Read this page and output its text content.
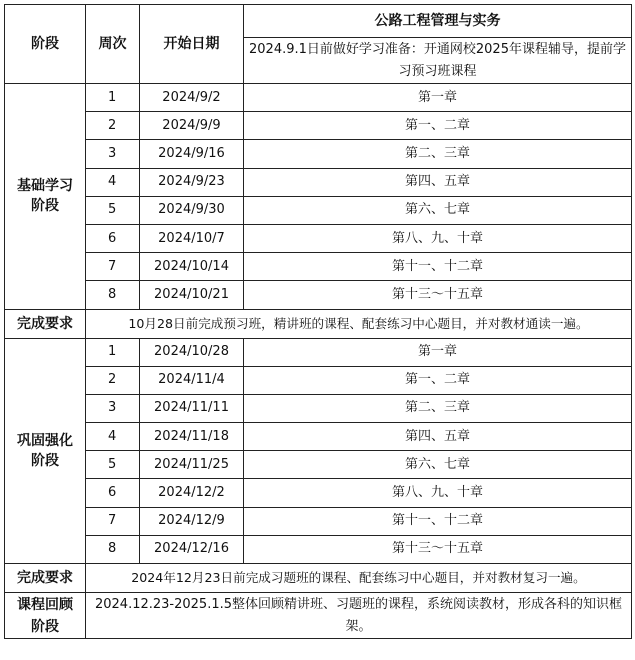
阶段	周次	开始日期	公路工程管理与实务
			2024.9.1日前做好学习准备：开通网校2025年课程辅导，提前学习预习班课程
基础学习阶段	1	2024/9/2	第一章
	2	2024/9/9	第一、二章
	3	2024/9/16	第二、三章
	4	2024/9/23	第四、五章
	5	2024/9/30	第六、七章
	6	2024/10/7	第八、九、十章
	7	2024/10/14	第十一、十二章
	8	2024/10/21	第十三～十五章
完成要求	10月28日前完成预习班，精讲班的课程、配套练习中心题目，并对教材通读一遍。		
巩固强化阶段	1	2024/10/28	第一章
	2	2024/11/4	第一、二章
	3	2024/11/11	第二、三章
	4	2024/11/18	第四、五章
	5	2024/11/25	第六、七章
	6	2024/12/2	第八、九、十章
	7	2024/12/9	第十一、十二章
	8	2024/12/16	第十三～十五章
完成要求	2024年12月23日前完成习题班的课程、配套练习中心题目，并对教材复习一遍。		
课程回顾阶段	2024.12.23-2025.1.5整体回顾精讲班、习题班的课程，系统阅读教材，形成各科的知识框架。		
